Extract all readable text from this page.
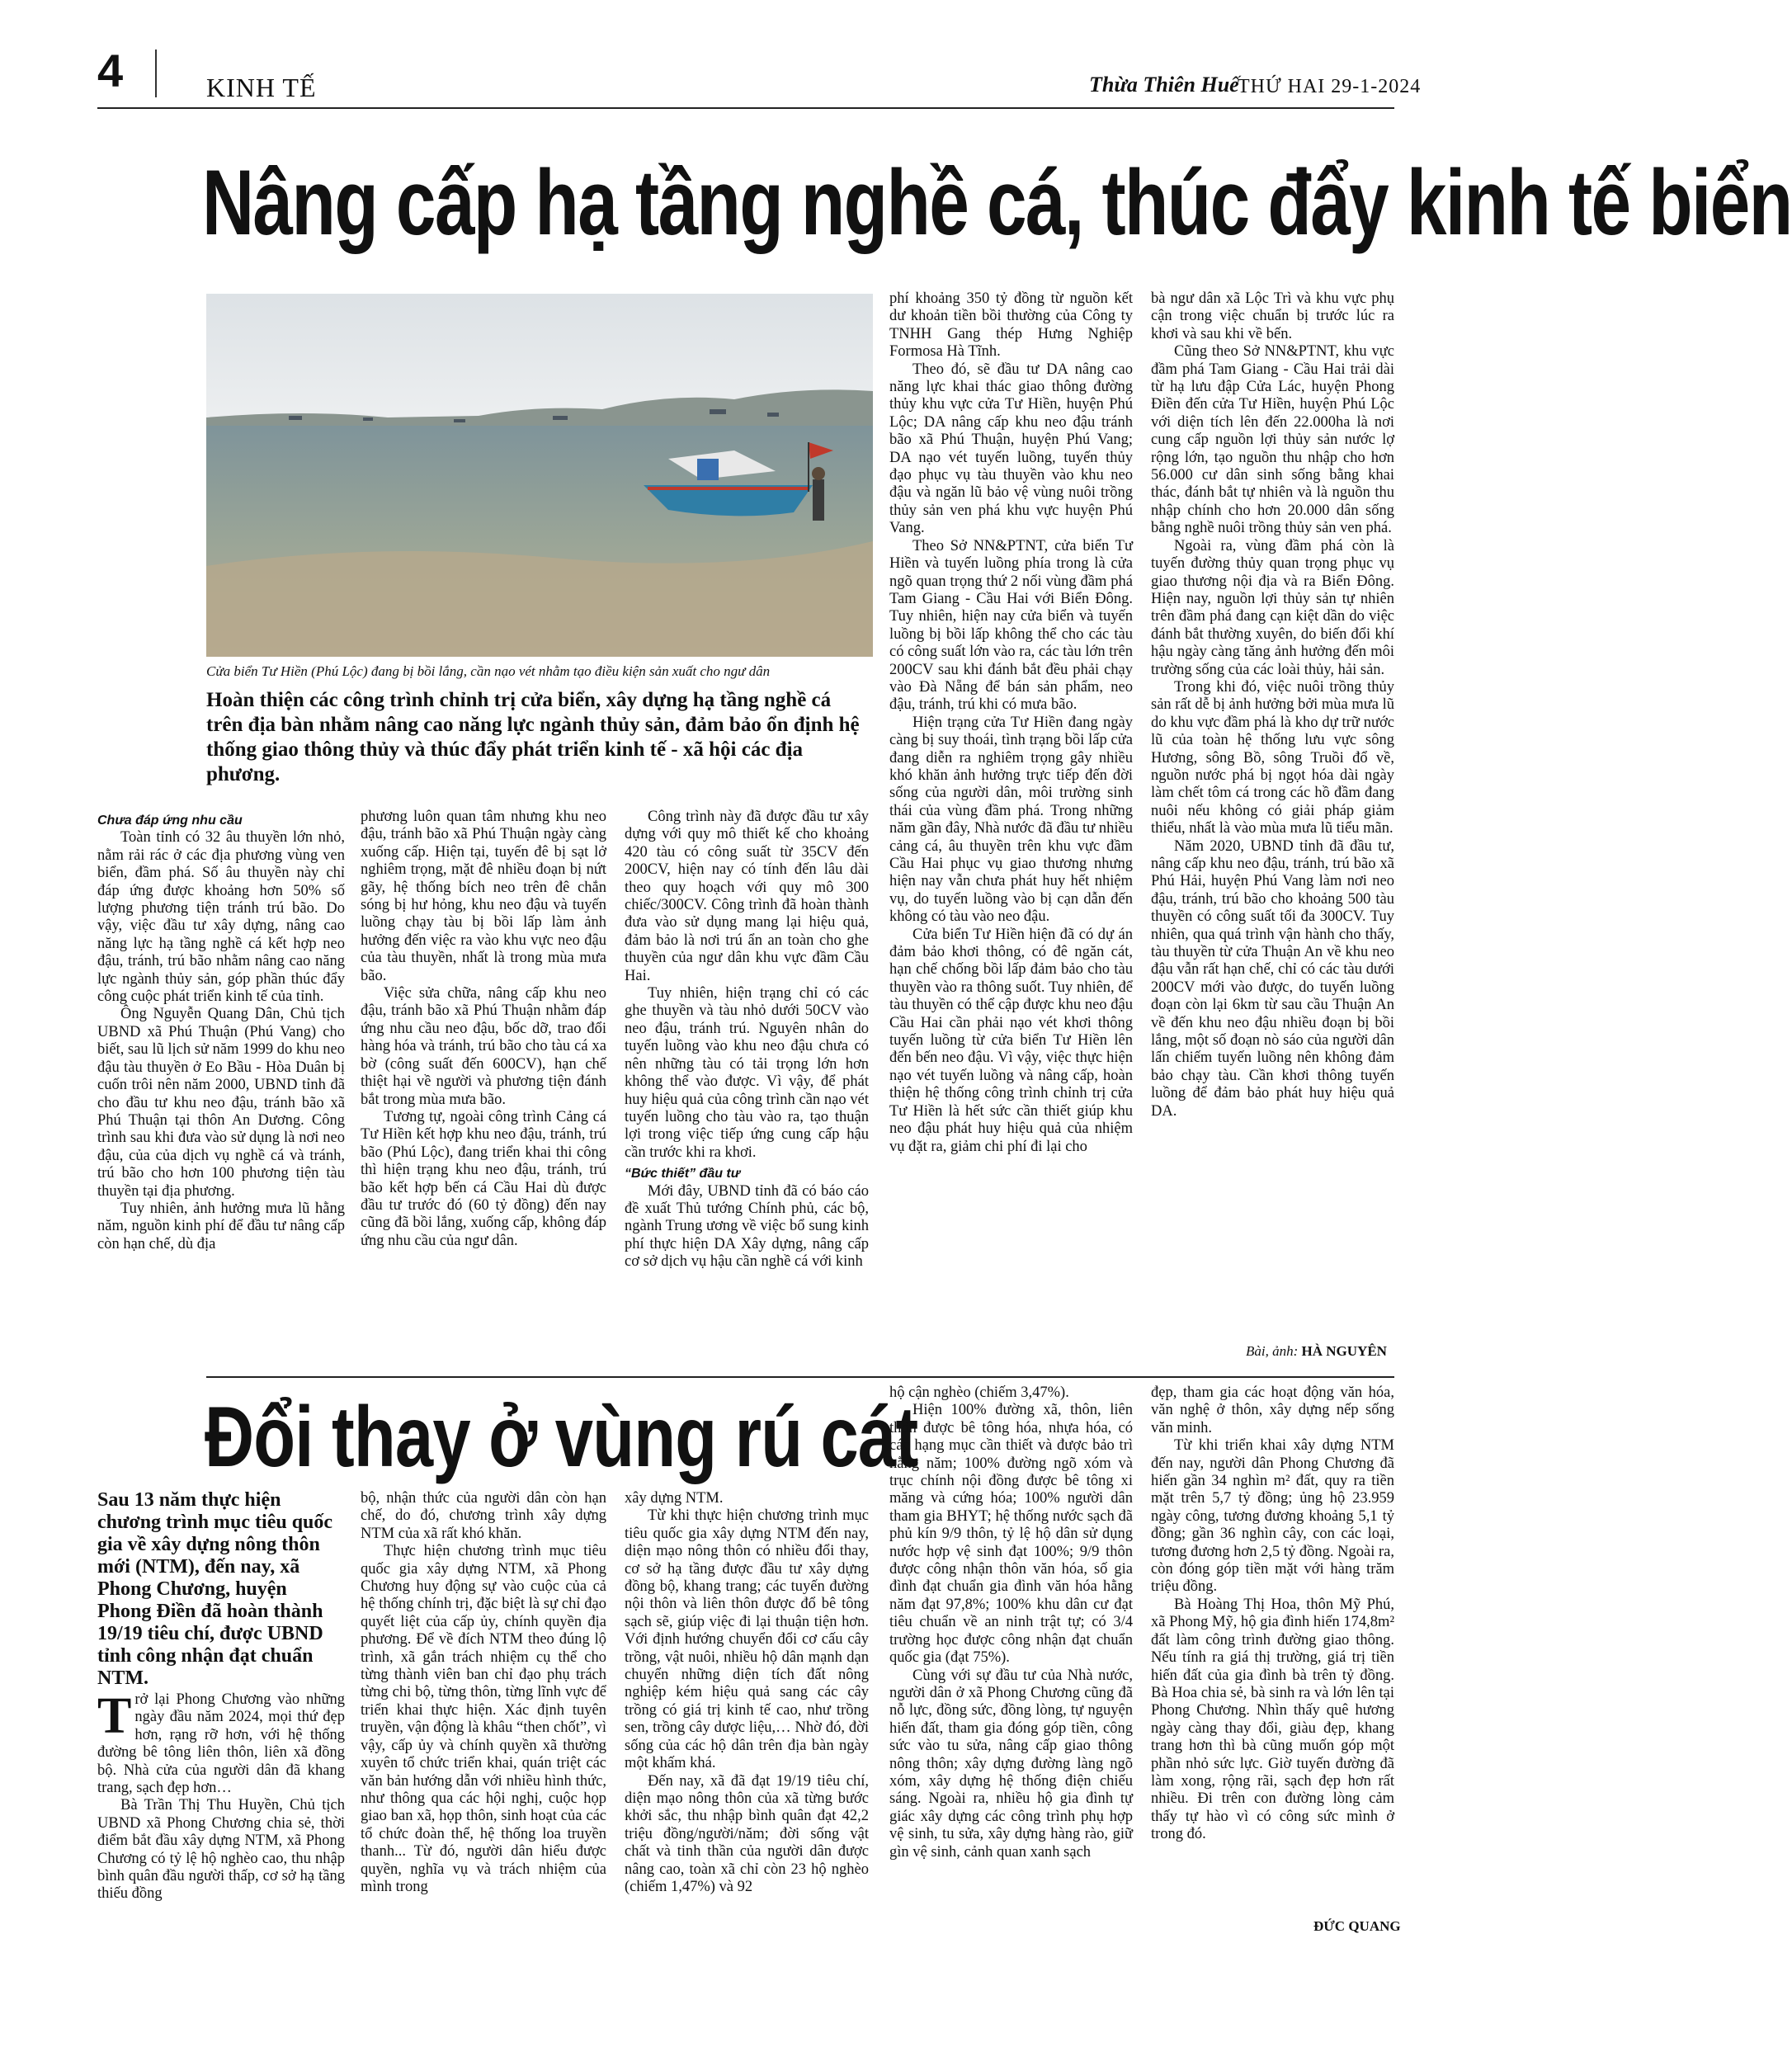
4	KINH TẾ	Thừa Thiên Huế
THỨ HAI 29-1-2024
Nâng cấp hạ tầng nghề cá, thúc đẩy kinh tế biển
Cửa biển Tư Hiền (Phú Lộc) đang bị bồi lắng, cần nạo vét nhằm tạo điều kiện sản xuất cho ngư dân
Hoàn thiện các công trình chỉnh trị cửa biển, xây dựng hạ tầng nghề cá trên địa bàn nhằm nâng cao năng lực ngành thủy sản, đảm bảo ổn định hệ thống giao thông thủy và thúc đẩy phát triển kinh tế - xã hội các địa phương.
Chưa đáp ứng nhu cầu

Toàn tỉnh có 32 âu thuyền lớn nhỏ, nằm rải rác ở các địa phương vùng ven biển, đầm phá. Số âu thuyền này chỉ đáp ứng được khoảng hơn 50% số lượng phương tiện tránh trú bão. Do vậy, việc đầu tư xây dựng, nâng cao năng lực hạ tầng nghề cá kết hợp neo đậu, tránh, trú bão nhằm nâng cao năng lực ngành thủy sản, góp phần thúc đẩy công cuộc phát triển kinh tế của tỉnh.

Ông Nguyễn Quang Dân, Chủ tịch UBND xã Phú Thuận (Phú Vang) cho biết, sau lũ lịch sử năm 1999 do khu neo đậu tàu thuyền ở Eo Bầu - Hòa Duân bị cuốn trôi nên năm 2000, UBND tỉnh đã cho đầu tư khu neo đậu, tránh bão xã Phú Thuận tại thôn An Dương. Công trình sau khi đưa vào sử dụng là nơi neo đậu, của của dịch vụ nghề cá và tránh, trú bão cho hơn 100 phương tiện tàu thuyền tại địa phương.

Tuy nhiên, ảnh hưởng mưa lũ hằng năm, nguồn kinh phí để đầu tư nâng cấp còn hạn chế, dù địa

phương luôn quan tâm nhưng khu neo đậu, tránh bão xã Phú Thuận ngày càng xuống cấp. Hiện tại, tuyến đê bị sạt lở nghiêm trọng, mặt đê nhiều đoạn bị nứt gãy, hệ thống bích neo trên đê chắn sóng bị hư hỏng, khu neo đậu và tuyến luồng chạy tàu bị bồi lấp làm ảnh hưởng đến việc ra vào khu vực neo đậu của tàu thuyền, nhất là trong mùa mưa bão.

Việc sửa chữa, nâng cấp khu neo đậu, tránh bão xã Phú Thuận nhằm đáp ứng nhu cầu neo đậu, bốc dỡ, trao đổi hàng hóa và tránh, trú bão cho tàu cá xa bờ (công suất đến 600CV), hạn chế thiệt hại về người và phương tiện đánh bắt trong mùa mưa bão.

Tương tự, ngoài công trình Cảng cá Tư Hiền kết hợp khu neo đậu, tránh, trú bão (Phú Lộc), đang triển khai thi công thì hiện trạng khu neo đậu, tránh, trú bão kết hợp bến cá Cầu Hai dù được đầu tư trước đó (60 tỷ đồng) đến nay cũng đã bồi lắng, xuống cấp, không đáp ứng nhu cầu của ngư dân.

Công trình này đã được đầu tư xây dựng với quy mô thiết kế cho khoảng 420 tàu có công suất từ 35CV đến 200CV, hiện nay có tính đến lâu dài theo quy hoạch với quy mô 300 chiếc/300CV. Công trình đã hoàn thành đưa vào sử dụng mang lại hiệu quả, đảm bảo là nơi trú ẩn an toàn cho ghe thuyền của ngư dân khu vực đầm Cầu Hai.

Tuy nhiên, hiện trạng chỉ có các ghe thuyền và tàu nhỏ dưới 50CV vào neo đậu, tránh trú. Nguyên nhân do tuyến luồng vào khu neo đậu chưa có nên những tàu có tải trọng lớn hơn không thể vào được. Vì vậy, để phát huy hiệu quả của công trình cần nạo vét tuyến luồng cho tàu vào ra, tạo thuận lợi trong việc tiếp ứng cung cấp hậu cần trước khi ra khơi.

“Bức thiết” đầu tư

Mới đây, UBND tỉnh đã có báo cáo đề xuất Thủ tướng Chính phủ, các bộ, ngành Trung ương về việc bổ sung kinh phí thực hiện DA Xây dựng, nâng cấp cơ sở dịch vụ hậu cần nghề cá với kinh

phí khoảng 350 tỷ đồng từ nguồn kết dư khoản tiền bồi thường của Công ty TNHH Gang thép Hưng Nghiệp Formosa Hà Tĩnh.

Theo đó, sẽ đầu tư DA nâng cao năng lực khai thác giao thông đường thủy khu vực cửa Tư Hiền, huyện Phú Lộc; DA nâng cấp khu neo đậu tránh bão xã Phú Thuận, huyện Phú Vang; DA nạo vét tuyến luồng, tuyến thủy đạo phục vụ tàu thuyền vào khu neo đậu và ngăn lũ bảo vệ vùng nuôi trồng thủy sản ven phá khu vực huyện Phú Vang.

Theo Sở NN&PTNT, cửa biển Tư Hiền và tuyến luồng phía trong là cửa ngõ quan trọng thứ 2 nối vùng đầm phá Tam Giang - Cầu Hai với Biển Đông. Tuy nhiên, hiện nay cửa biển và tuyến luồng bị bồi lấp không thể cho các tàu có công suất lớn vào ra, các tàu lớn trên 200CV sau khi đánh bắt đều phải chạy vào Đà Nẵng để bán sản phẩm, neo đậu, tránh, trú khi có mưa bão.

Hiện trạng cửa Tư Hiền đang ngày càng bị suy thoái, tình trạng bồi lấp cửa đang diễn ra nghiêm trọng gây nhiều khó khăn ảnh hưởng trực tiếp đến đời sống của người dân, môi trường sinh thái của vùng đầm phá. Trong những năm gần đây, Nhà nước đã đầu tư nhiều cảng cá, âu thuyền trên khu vực đầm Cầu Hai phục vụ giao thương nhưng hiện nay vẫn chưa phát huy hết nhiệm vụ, do tuyến luồng vào bị cạn dẫn đến không có tàu vào neo đậu.

Cửa biển Tư Hiền hiện đã có dự án đảm bảo khơi thông, có đê ngăn cát, hạn chế chống bồi lấp đảm bảo cho tàu thuyền vào ra thông suốt. Tuy nhiên, để tàu thuyền có thể cập được khu neo đậu Cầu Hai cần phải nạo vét khơi thông tuyến luồng từ cửa biển Tư Hiền lên đến bến neo đậu. Vì vậy, việc thực hiện nạo vét tuyến luồng và nâng cấp, hoàn thiện hệ thống công trình chỉnh trị cửa Tư Hiền là hết sức cần thiết giúp khu neo đậu phát huy hiệu quả của nhiệm vụ đặt ra, giảm chi phí đi lại cho

bà ngư dân xã Lộc Trì và khu vực phụ cận trong việc chuẩn bị trước lúc ra khơi và sau khi về bến.

Cũng theo Sở NN&PTNT, khu vực đầm phá Tam Giang - Cầu Hai trải dài từ hạ lưu đập Cửa Lác, huyện Phong Điền đến cửa Tư Hiền, huyện Phú Lộc với diện tích lên đến 22.000ha là nơi cung cấp nguồn lợi thủy sản nước lợ rộng lớn, tạo nguồn thu nhập cho hơn 56.000 cư dân sinh sống bằng khai thác, đánh bắt tự nhiên và là nguồn thu nhập chính cho hơn 20.000 dân sống bằng nghề nuôi trồng thủy sản ven phá.

Ngoài ra, vùng đầm phá còn là tuyến đường thủy quan trọng phục vụ giao thương nội địa và ra Biển Đông. Hiện nay, nguồn lợi thủy sản tự nhiên trên đầm phá đang cạn kiệt dần do việc đánh bắt thường xuyên, do biến đổi khí hậu ngày càng tăng ảnh hưởng đến môi trường sống của các loài thủy, hải sản.

Trong khi đó, việc nuôi trồng thủy sản rất dễ bị ảnh hưởng bởi mùa mưa lũ do khu vực đầm phá là kho dự trữ nước lũ của toàn hệ thống lưu vực sông Hương, sông Bồ, sông Truồi đổ về, nguồn nước phá bị ngọt hóa dài ngày làm chết tôm cá trong các hồ đầm đang nuôi nếu không có giải pháp giảm thiểu, nhất là vào mùa mưa lũ tiểu mãn.

Năm 2020, UBND tỉnh đã đầu tư, nâng cấp khu neo đậu, tránh, trú bão xã Phú Hải, huyện Phú Vang làm nơi neo đậu, tránh, trú bão cho khoảng 500 tàu thuyền có công suất tối đa 300CV. Tuy nhiên, qua quá trình vận hành cho thấy, tàu thuyền từ cửa Thuận An về khu neo đậu vẫn rất hạn chế, chỉ có các tàu dưới 200CV mới vào được, do tuyến luồng đoạn còn lại 6km từ sau cầu Thuận An về đến khu neo đậu nhiều đoạn bị bồi lắng, một số đoạn nò sáo của người dân lấn chiếm tuyến luồng nên không đảm bảo chạy tàu. Cần khơi thông tuyến luồng để đảm bảo phát huy hiệu quả DA.

Bài, ảnh: HÀ NGUYÊN
Đổi thay ở vùng rú cát
Sau 13 năm thực hiện chương trình mục tiêu quốc gia về xây dựng nông thôn mới (NTM), đến nay, xã Phong Chương, huyện Phong Điền đã hoàn thành 19/19 tiêu chí, được UBND tỉnh công nhận đạt chuẩn NTM.

Trở lại Phong Chương vào những ngày đầu năm 2024, mọi thứ đẹp hơn, rạng rỡ hơn, với hệ thống đường bê tông liên thôn, liên xã đồng bộ. Nhà cửa của người dân đã khang trang, sạch đẹp hơn…

Bà Trần Thị Thu Huyền, Chủ tịch UBND xã Phong Chương chia sẻ, thời điểm bắt đầu xây dựng NTM, xã Phong Chương có tỷ lệ hộ nghèo cao, thu nhập bình quân đầu người thấp, cơ sở hạ tầng thiếu đồng

bộ, nhận thức của người dân còn hạn chế, do đó, chương trình xây dựng NTM của xã rất khó khăn.

Thực hiện chương trình mục tiêu quốc gia xây dựng NTM, xã Phong Chương huy động sự vào cuộc của cả hệ thống chính trị, đặc biệt là sự chỉ đạo quyết liệt của cấp ủy, chính quyền địa phương. Để về đích NTM theo đúng lộ trình, xã gắn trách nhiệm cụ thể cho từng thành viên ban chỉ đạo phụ trách từng chi bộ, từng thôn, từng lĩnh vực để triển khai thực hiện. Xác định tuyên truyền, vận động là khâu “then chốt”, vì vậy, cấp ủy và chính quyền xã thường xuyên tổ chức triển khai, quán triệt các văn bản hướng dẫn với nhiều hình thức, như thông qua các hội nghị, cuộc họp giao ban xã, họp thôn, sinh hoạt của các tổ chức đoàn thể, hệ thống loa truyền thanh... Từ đó, người dân hiểu được quyền, nghĩa vụ và trách nhiệm của mình trong

xây dựng NTM.

Từ khi thực hiện chương trình mục tiêu quốc gia xây dựng NTM đến nay, diện mạo nông thôn có nhiều đổi thay, cơ sở hạ tầng được đầu tư xây dựng đồng bộ, khang trang; các tuyến đường nội thôn và liên thôn được đổ bê tông sạch sẽ, giúp việc đi lại thuận tiện hơn. Với định hướng chuyển đổi cơ cấu cây trồng, vật nuôi, nhiều hộ dân mạnh dạn chuyển những diện tích đất nông nghiệp kém hiệu quả sang các cây trồng có giá trị kinh tế cao, như trồng sen, trồng cây dược liệu,… Nhờ đó, đời sống của các hộ dân trên địa bàn ngày một khấm khá.

Đến nay, xã đã đạt 19/19 tiêu chí, diện mạo nông thôn của xã từng bước khởi sắc, thu nhập bình quân đạt 42,2 triệu đồng/người/năm; đời sống vật chất và tinh thần của người dân được nâng cao, toàn xã chỉ còn 23 hộ nghèo (chiếm 1,47%) và 92

hộ cận nghèo (chiếm 3,47%).

Hiện 100% đường xã, thôn, liên thôn được bê tông hóa, nhựa hóa, có các hạng mục cần thiết và được bảo trì hằng năm; 100% đường ngõ xóm và trục chính nội đồng được bê tông xi măng và cứng hóa; 100% người dân tham gia BHYT; hệ thống nước sạch đã phủ kín 9/9 thôn, tỷ lệ hộ dân sử dụng nước hợp vệ sinh đạt 100%; 9/9 thôn được công nhận thôn văn hóa, số gia đình đạt chuẩn gia đình văn hóa hằng năm đạt 97,8%; 100% khu dân cư đạt tiêu chuẩn về an ninh trật tự; có 3/4 trường học được công nhận đạt chuẩn quốc gia (đạt 75%).

Cùng với sự đầu tư của Nhà nước, người dân ở xã Phong Chương cũng đã nỗ lực, đồng sức, đồng lòng, tự nguyện hiến đất, tham gia đóng góp tiền, công sức vào tu sửa, nâng cấp giao thông nông thôn; xây dựng đường làng ngõ xóm, xây dựng hệ thống điện chiếu sáng. Ngoài ra, nhiều hộ gia đình tự giác xây dựng các công trình phụ hợp vệ sinh, tu sửa, xây dựng hàng rào, giữ gìn vệ sinh, cảnh quan xanh sạch

đẹp, tham gia các hoạt động văn hóa, văn nghệ ở thôn, xây dựng nếp sống văn minh.

Từ khi triển khai xây dựng NTM đến nay, người dân Phong Chương đã hiến gần 34 nghìn m² đất, quy ra tiền mặt trên 5,7 tỷ đồng; ủng hộ 23.959 ngày công, tương đương khoảng 5,1 tỷ đồng; gần 36 nghìn cây, con các loại, tương đương hơn 2,5 tỷ đồng. Ngoài ra, còn đóng góp tiền mặt với hàng trăm triệu đồng.

Bà Hoàng Thị Hoa, thôn Mỹ Phú, xã Phong Mỹ, hộ gia đình hiến 174,8m² đất làm công trình đường giao thông. Nếu tính ra giá thị trường, giá trị tiền hiến đất của gia đình bà trên tỷ đồng. Bà Hoa chia sẻ, bà sinh ra và lớn lên tại Phong Chương. Nhìn thấy quê hương ngày càng thay đổi, giàu đẹp, khang trang hơn thì bà cũng muốn góp một phần nhỏ sức lực. Giờ tuyến đường đã làm xong, rộng rãi, sạch đẹp hơn rất nhiều. Đi trên con đường lòng cảm thấy tự hào vì có công sức mình ở trong đó.

ĐỨC QUANG
